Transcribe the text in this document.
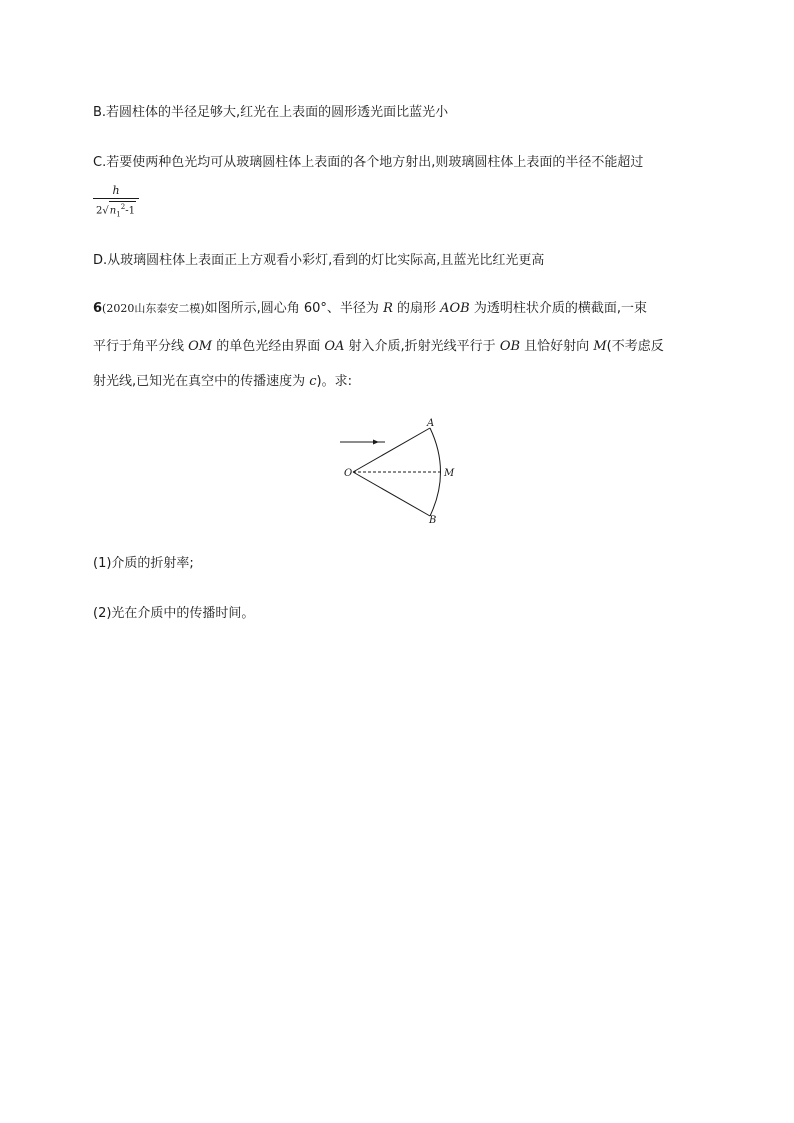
B.若圆柱体的半径足够大,红光在上表面的圆形透光面比蓝光小
C.若要使两种色光均可从玻璃圆柱体上表面的各个地方射出,则玻璃圆柱体上表面的半径不能超过
h
$2√n_1^2-1$
D.从玻璃圆柱体上表面正上方观看小彩灯,看到的灯比实际高,且蓝光比红光更高
6(2020山东泰安二模)如图所示,圆心角 60°、半径为 R 的扇形 AOB 为透明柱状介质的横截面,一束
平行于角平分线 OM 的单色光经由界面 OA 射入介质,折射光线平行于 OB 且恰好射向 M(不考虑反
射光线,已知光在真空中的传播速度为 c)。求:
A
O	M
B
(1)介质的折射率;
(2)光在介质中的传播时间。
